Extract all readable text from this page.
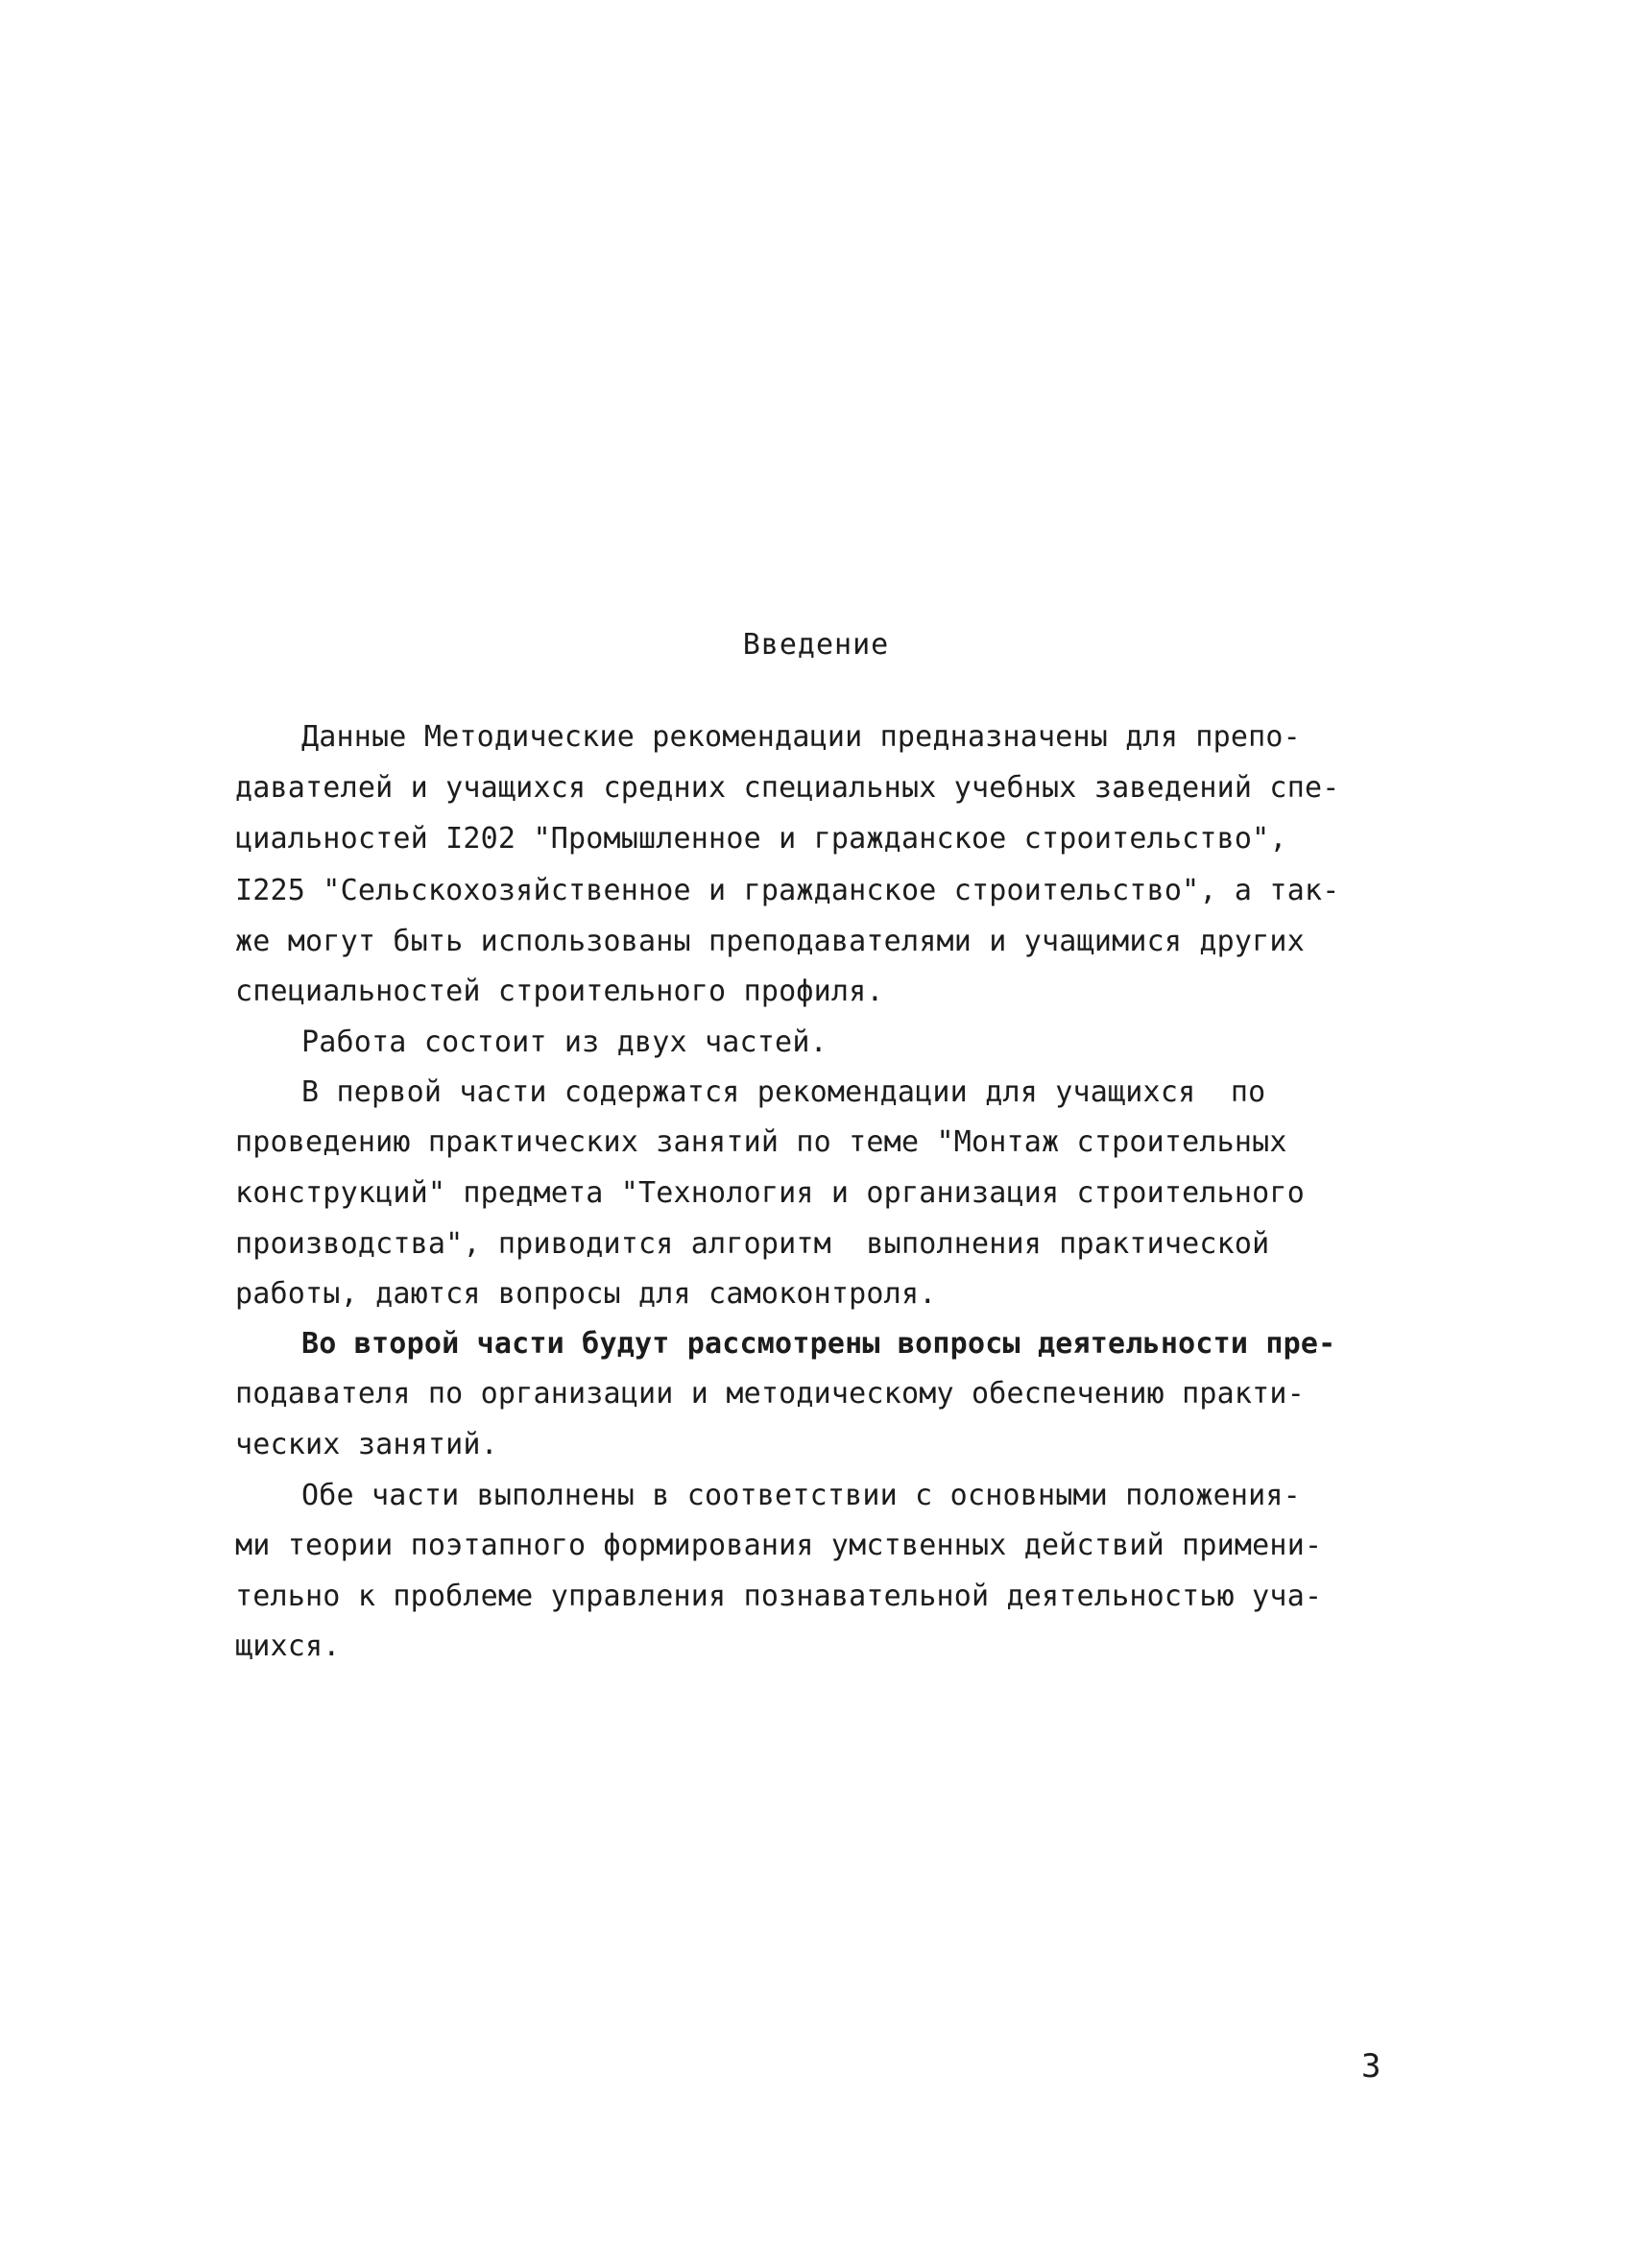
Введение

Данные Методические рекомендации предназначены для препо-

давателей и учащихся средних специальных учебных заведений спе-

циальностей I202 "Промышленное и гражданское строительство",

I225 "Сельскохозяйственное и гражданское строительство", а так-

же могут быть использованы преподавателями и учащимися других

специальностей строительного профиля.

Работа состоит из двух частей.

В первой части содержатся рекомендации для учащихся  по

проведению практических занятий по теме "Монтаж строительных

конструкций" предмета "Технология и организация строительного

производства", приводится алгоритм  выполнения практической

работы, даются вопросы для самоконтроля.

Во второй части будут рассмотрены вопросы деятельности пре-

подавателя по организации и методическому обеспечению практи-

ческих занятий.

Обе части выполнены в соответствии с основными положения-

ми теории поэтапного формирования умственных действий примени-

тельно к проблеме управления познавательной деятельностью уча-

щихся.

3
